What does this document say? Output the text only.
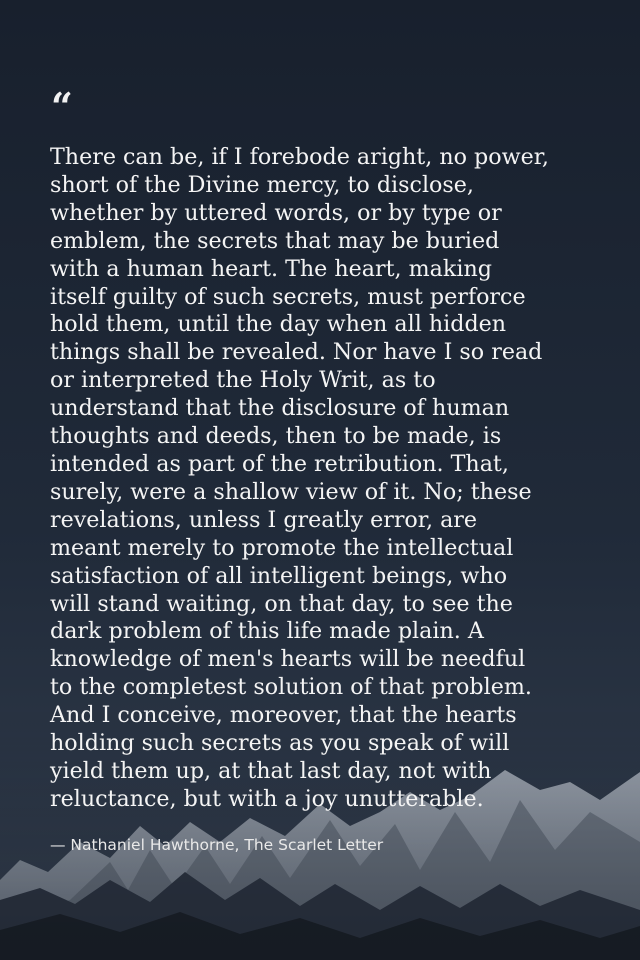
“
There can be, if I forebode aright, no power,
short of the Divine mercy, to disclose,
whether by uttered words, or by type or
emblem, the secrets that may be buried
with a human heart. The heart, making
itself guilty of such secrets, must perforce
hold them, until the day when all hidden
things shall be revealed. Nor have I so read
or interpreted the Holy Writ, as to
understand that the disclosure of human
thoughts and deeds, then to be made, is
intended as part of the retribution. That,
surely, were a shallow view of it. No; these
revelations, unless I greatly error, are
meant merely to promote the intellectual
satisfaction of all intelligent beings, who
will stand waiting, on that day, to see the
dark problem of this life made plain. A
knowledge of men's hearts will be needful
to the completest solution of that problem.
And I conceive, moreover, that the hearts
holding such secrets as you speak of will
yield them up, at that last day, not with
reluctance, but with a joy unutterable.
— Nathaniel Hawthorne, The Scarlet Letter
